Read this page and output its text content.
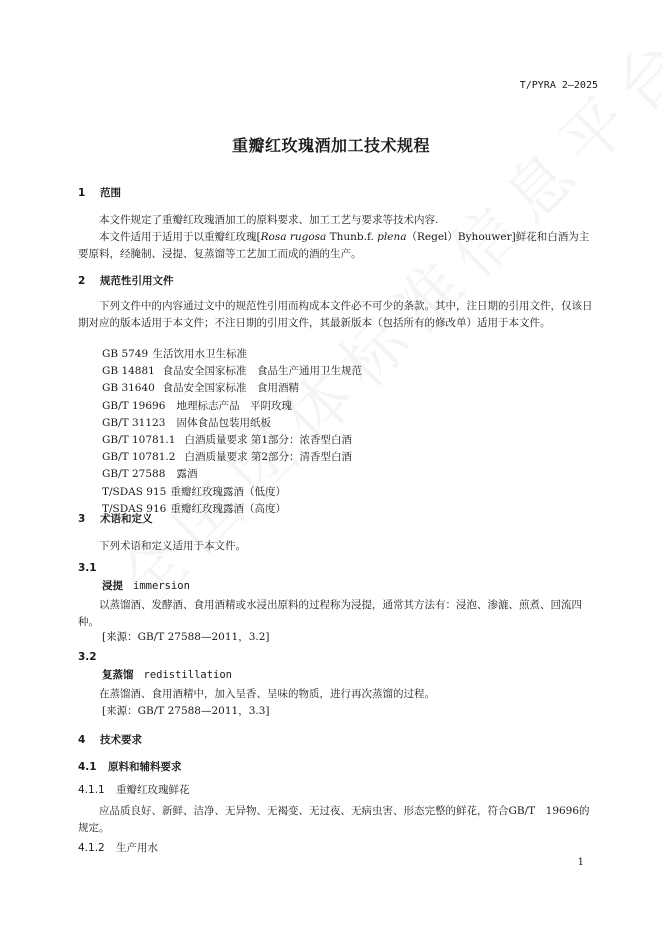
T/PYRA 2—2025
重瓣红玫瑰酒加工技术规程
1 范围

本文件规定了重瓣红玫瑰酒加工的原料要求、加工工艺与要求等技术内容.

本文件适用于适用于以重瓣红玫瑰[Rosa rugosa Thunb.f. plena（Regel）Byhouwer]鲜花和白酒为主要原料，经腌制、浸提、复蒸馏等工艺加工而成的酒的生产。

2 规范性引用文件

下列文件中的内容通过文中的规范性引用而构成本文件必不可少的条款。其中，注日期的引用文件，仅该日期对应的版本适用于本文件；不注日期的引用文件，其最新版本（包括所有的修改单）适用于本文件。

GB 5749　 生活饮用水卫生标准
GB 14881　 食品安全国家标准　食品生产通用卫生规范
GB 31640　 食品安全国家标准　食用酒精
GB/T 19696　 地理标志产品　平阴玫瑰
GB/T 31123　 固体食品包装用纸板
GB/T 10781.1　 白酒质量要求 第1部分：浓香型白酒
GB/T 10781.2　 白酒质量要求 第2部分：清香型白酒
GB/T 27588　 露酒
T/SDAS 915　 重瓣红玫瑰露酒（低度）
T/SDAS 916　 重瓣红玫瑰露酒（高度）
3 术语和定义

下列术语和定义适用于本文件。

3.1
浸提 immersion

以蒸馏酒、发酵酒、食用酒精或水浸出原料的过程称为浸提，通常其方法有：浸泡、渗漉、煎煮、回流四种。

[来源：GB/T 27588—2011，3.2]
3.2
复蒸馏 redistillation

在蒸馏酒、食用酒精中，加入呈香、呈味的物质，进行再次蒸馏的过程。

[来源：GB/T 27588—2011，3.3]
4 技术要求
4.1 原料和辅料要求
4.1.1 重瓣红玫瑰鲜花

应品质良好、新鲜、洁净、无异物、无褐变、无过夜、无病虫害、形态完整的鲜花，符合GB/T　19696的规定。

4.1.2 生产用水
1
